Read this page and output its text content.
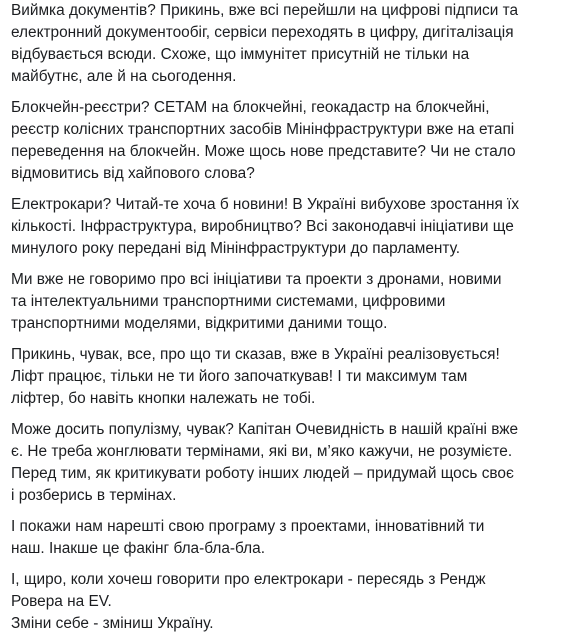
Виймка документів? Прикинь, вже всі перейшли на цифрові підписи та
електронний документообіг, сервіси переходять в цифру, дигіталізація
відбувається всюди. Схоже, що іммунітет присутній не тільки на
майбутнє, але й на сьогодення.

Блокчейн-реєстри? СЕТАМ на блокчейні, геокадастр на блокчейні,
реєстр колісних транспортних засобів Мінінфраструктури вже на етапі
переведення на блокчейн. Може щось нове представите? Чи не стало
відмовитись від хайпового слова?

Електрокари? Читай-те хоча б новини! В Україні вибухове зростання їх
кількості. Інфраструктура, виробництво? Всі законодавчі ініціативи ще
минулого року передані від Мінінфраструктури до парламенту.

Ми вже не говоримо про всі ініціативи та проекти з дронами, новими
та інтелектуальними транспортними системами, цифровими
транспортними моделями, відкритими даними тощо.

Прикинь, чувак, все, про що ти сказав, вже в Україні реалізовується!
Ліфт працює, тільки не ти його започаткував! І ти максимум там
ліфтер, бо навіть кнопки належать не тобі.

Може досить популізму, чувак? Капітан Очевидність в нашій країні вже
є. Не треба жонглювати термінами, які ви, м’яко кажучи, не розумієте.
Перед тим, як критикувати роботу інших людей – придумай щось своє
і розберись в термінах.

І покажи нам нарешті свою програму з проектами, інноватівний ти
наш. Інакше це факінг бла-бла-бла.

І, щиро, коли хочеш говорити про електрокари - пересядь з Рендж
Ровера на EV.
Зміни себе - зміниш Україну.
